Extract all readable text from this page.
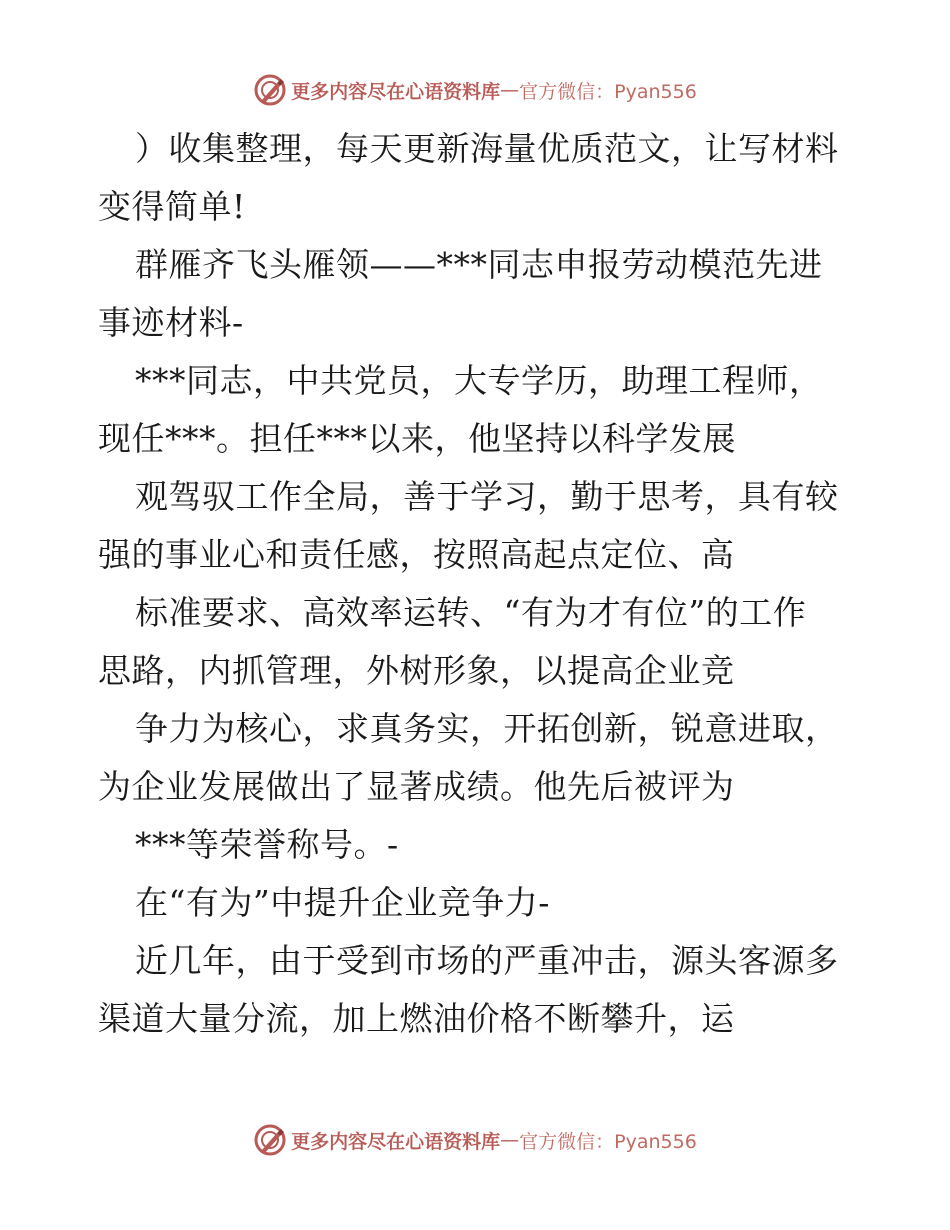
更多内容尽在心语资料库 — 官方微信：Pyan556
）收集整理，每天更新海量优质范文，让写材料
变得简单!
群雁齐飞头雁领——***同志申报劳动模范先进
事迹材料-
***同志，中共党员，大专学历，助理工程师，
现任***。担任***以来，他坚持以科学发展
观驾驭工作全局，善于学习，勤于思考，具有较
强的事业心和责任感，按照高起点定位、高
标准要求、高效率运转、“有为才有位”的工作
思路，内抓管理，外树形象，以提高企业竞
争力为核心，求真务实，开拓创新，锐意进取，
为企业发展做出了显著成绩。他先后被评为
***等荣誉称号。-
在“有为”中提升企业竞争力-
近几年，由于受到市场的严重冲击，源头客源多
渠道大量分流，加上燃油价格不断攀升，运
更多内容尽在心语资料库 — 官方微信：Pyan556
